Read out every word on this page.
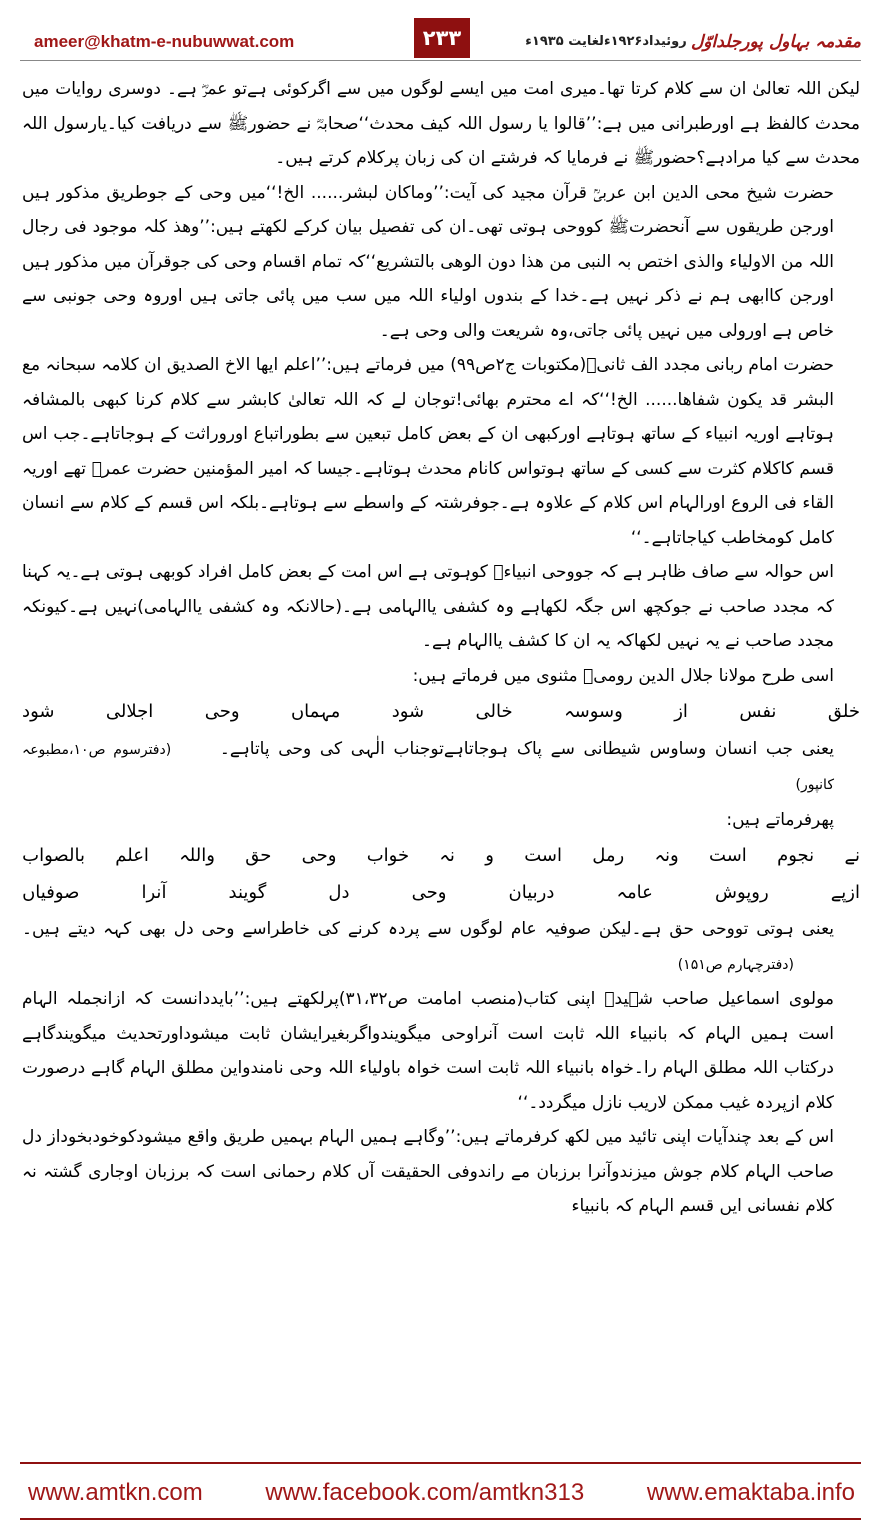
ameer@khatm-e-nubuwwat.com	۲۳۳	روئیداد۱۹۲۶ءلغایت ۱۹۳۵ء مقدمہ بہاول پورجلداوّل

لیکن اللہ تعالیٰ ان سے کلام کرتا تھا۔میری امت میں ایسے لوگوں میں سے اگرکوئی ہےتو عمرؓ ہے۔ دوسری روایات میں محدث کالفظ ہے اورطبرانی میں ہے:’’قالوا یا رسول اللہ کیف محدث‘‘صحابہؓ نے حضورﷺ سے دریافت کیا۔یارسول اللہ محدث سے کیا مرادہے؟حضورﷺ نے فرمایا کہ فرشتے ان کی زبان پرکلام کرتے ہیں۔

حضرت شیخ محی الدین ابن عربیؒ قرآن مجید کی آیت:’’وماکان لبشر...... الخ!‘‘میں وحی کے جوطریق مذکور ہیں اورجن طریقوں سے آنحضرتﷺ کووحی ہوتی تھی۔ان کی تفصیل بیان کرکے لکھتے ہیں:’’وھذ کلہ موجود فی رجال اللہ من الاولیاء والذی اختص بہ النبی من ھذا دون الوھی بالتشریع‘‘کہ تمام اقسام وحی کی جوقرآن میں مذکور ہیں اورجن کاابھی ہم نے ذکر نہیں ہے۔خدا کے بندوں اولیاء اللہ میں سب میں پائی جاتی ہیں اوروہ وحی جونبی سے خاص ہے اورولی میں نہیں پائی جاتی،وہ شریعت والی وحی ہے۔

حضرت امام ربانی مجدد الف ثانیؒ(مکتوبات ج۲ص۹۹) میں فرماتے ہیں:’’اعلم ایھا الاخ الصدیق ان کلامہ سبحانہ مع البشر قد یکون شفاھا...... الخ!‘‘کہ اے محترم بھائی!توجان لے کہ اللہ تعالیٰ کابشر سے کلام کرنا کبھی بالمشافہ ہوتاہے اوریہ انبیاء کے ساتھ ہوتاہے اورکبھی ان کے بعض کامل تبعین سے بطوراتباع اوروراثت کے ہوجاتاہے۔جب اس قسم کاکلام کثرت سے کسی کے ساتھ ہوتواس کانام محدث ہوتاہے۔جیسا کہ امیر المؤمنین حضرت عمرؓ تھے اوریہ القاء فی الروع اورالہام اس کلام کے علاوہ ہے۔جوفرشتہ کے واسطے سے ہوتاہے۔بلکہ اس قسم کے کلام سے انسان کامل کومخاطب کیاجاتاہے۔‘‘

اس حوالہ سے صاف ظاہر ہے کہ جووحی انبیاءؑ کوہوتی ہے اس امت کے بعض کامل افراد کوبھی ہوتی ہے۔یہ کہنا کہ مجدد صاحب نے جوکچھ اس جگہ لکھاہے وہ کشفی یاالہامی ہے۔(حالانکہ وہ کشفی یاالہامی)نہیں ہے۔کیونکہ مجدد صاحب نے یہ نہیں لکھاکہ یہ ان کا کشف یاالہام ہے۔

اسی طرح مولانا جلال الدین رومیؒ مثنوی میں فرماتے ہیں:

خلق
نفس
از
وسوسہ
خالی
شود
مہماں
وحی
اجلالی
شود

یعنی جب انسان وساوس شیطانی سے پاک ہوجاتاہےتوجناب الٰہی کی وحی پاتاہے۔ (دفترسوم ص۱۰،مطبوعہ کانپور)

پھرفرماتے ہیں:

نے
نجوم
است
ونہ
رمل
است
و
نہ
خواب
وحی
حق
واللہ
اعلم
بالصواب
ازپے
روپوش
عامہ
دربیان
وحی
دل
گویند
آنرا
صوفیاں

یعنی ہوتی تووحی حق ہے۔لیکن صوفیہ عام لوگوں سے پردہ کرنے کی خاطراسے وحی دل بھی کہہ دیتے ہیں۔ (دفترچہارم ص۱۵۱)

مولوی اسماعیل صاحب شہیدؒ اپنی کتاب(منصب امامت ص۳۱،۳۲)پرلکھتے ہیں:’’بایددانست کہ ازانجملہ الہام است ہمیں الہام کہ بانبیاء اللہ ثابت است آنراوحی میگویندواگربغیرایشان ثابت میشوداورتحدیث میگویندگاہے درکتاب اللہ مطلق الہام را۔خواہ بانبیاء اللہ ثابت است خواہ باولیاء اللہ وحی نامندواین مطلق الہام گاہے درصورت کلام ازپردہ غیب ممکن لاریب نازل میگردد۔‘‘

اس کے بعد چندآیات اپنی تائید میں لکھ کرفرماتے ہیں:’’وگاہے ہمیں الہام بہمیں طریق واقع میشودکوخودبخوداز دل صاحب الہام کلام جوش میزندوآنرا برزبان مے راندوفی الحقیقت آں کلام رحمانی است کہ برزبان اوجاری گشتہ نہ کلام نفسانی ایں قسم الہام کہ بانبیاء

www.amtkn.com	www.facebook.com/amtkn313	www.emaktaba.info
